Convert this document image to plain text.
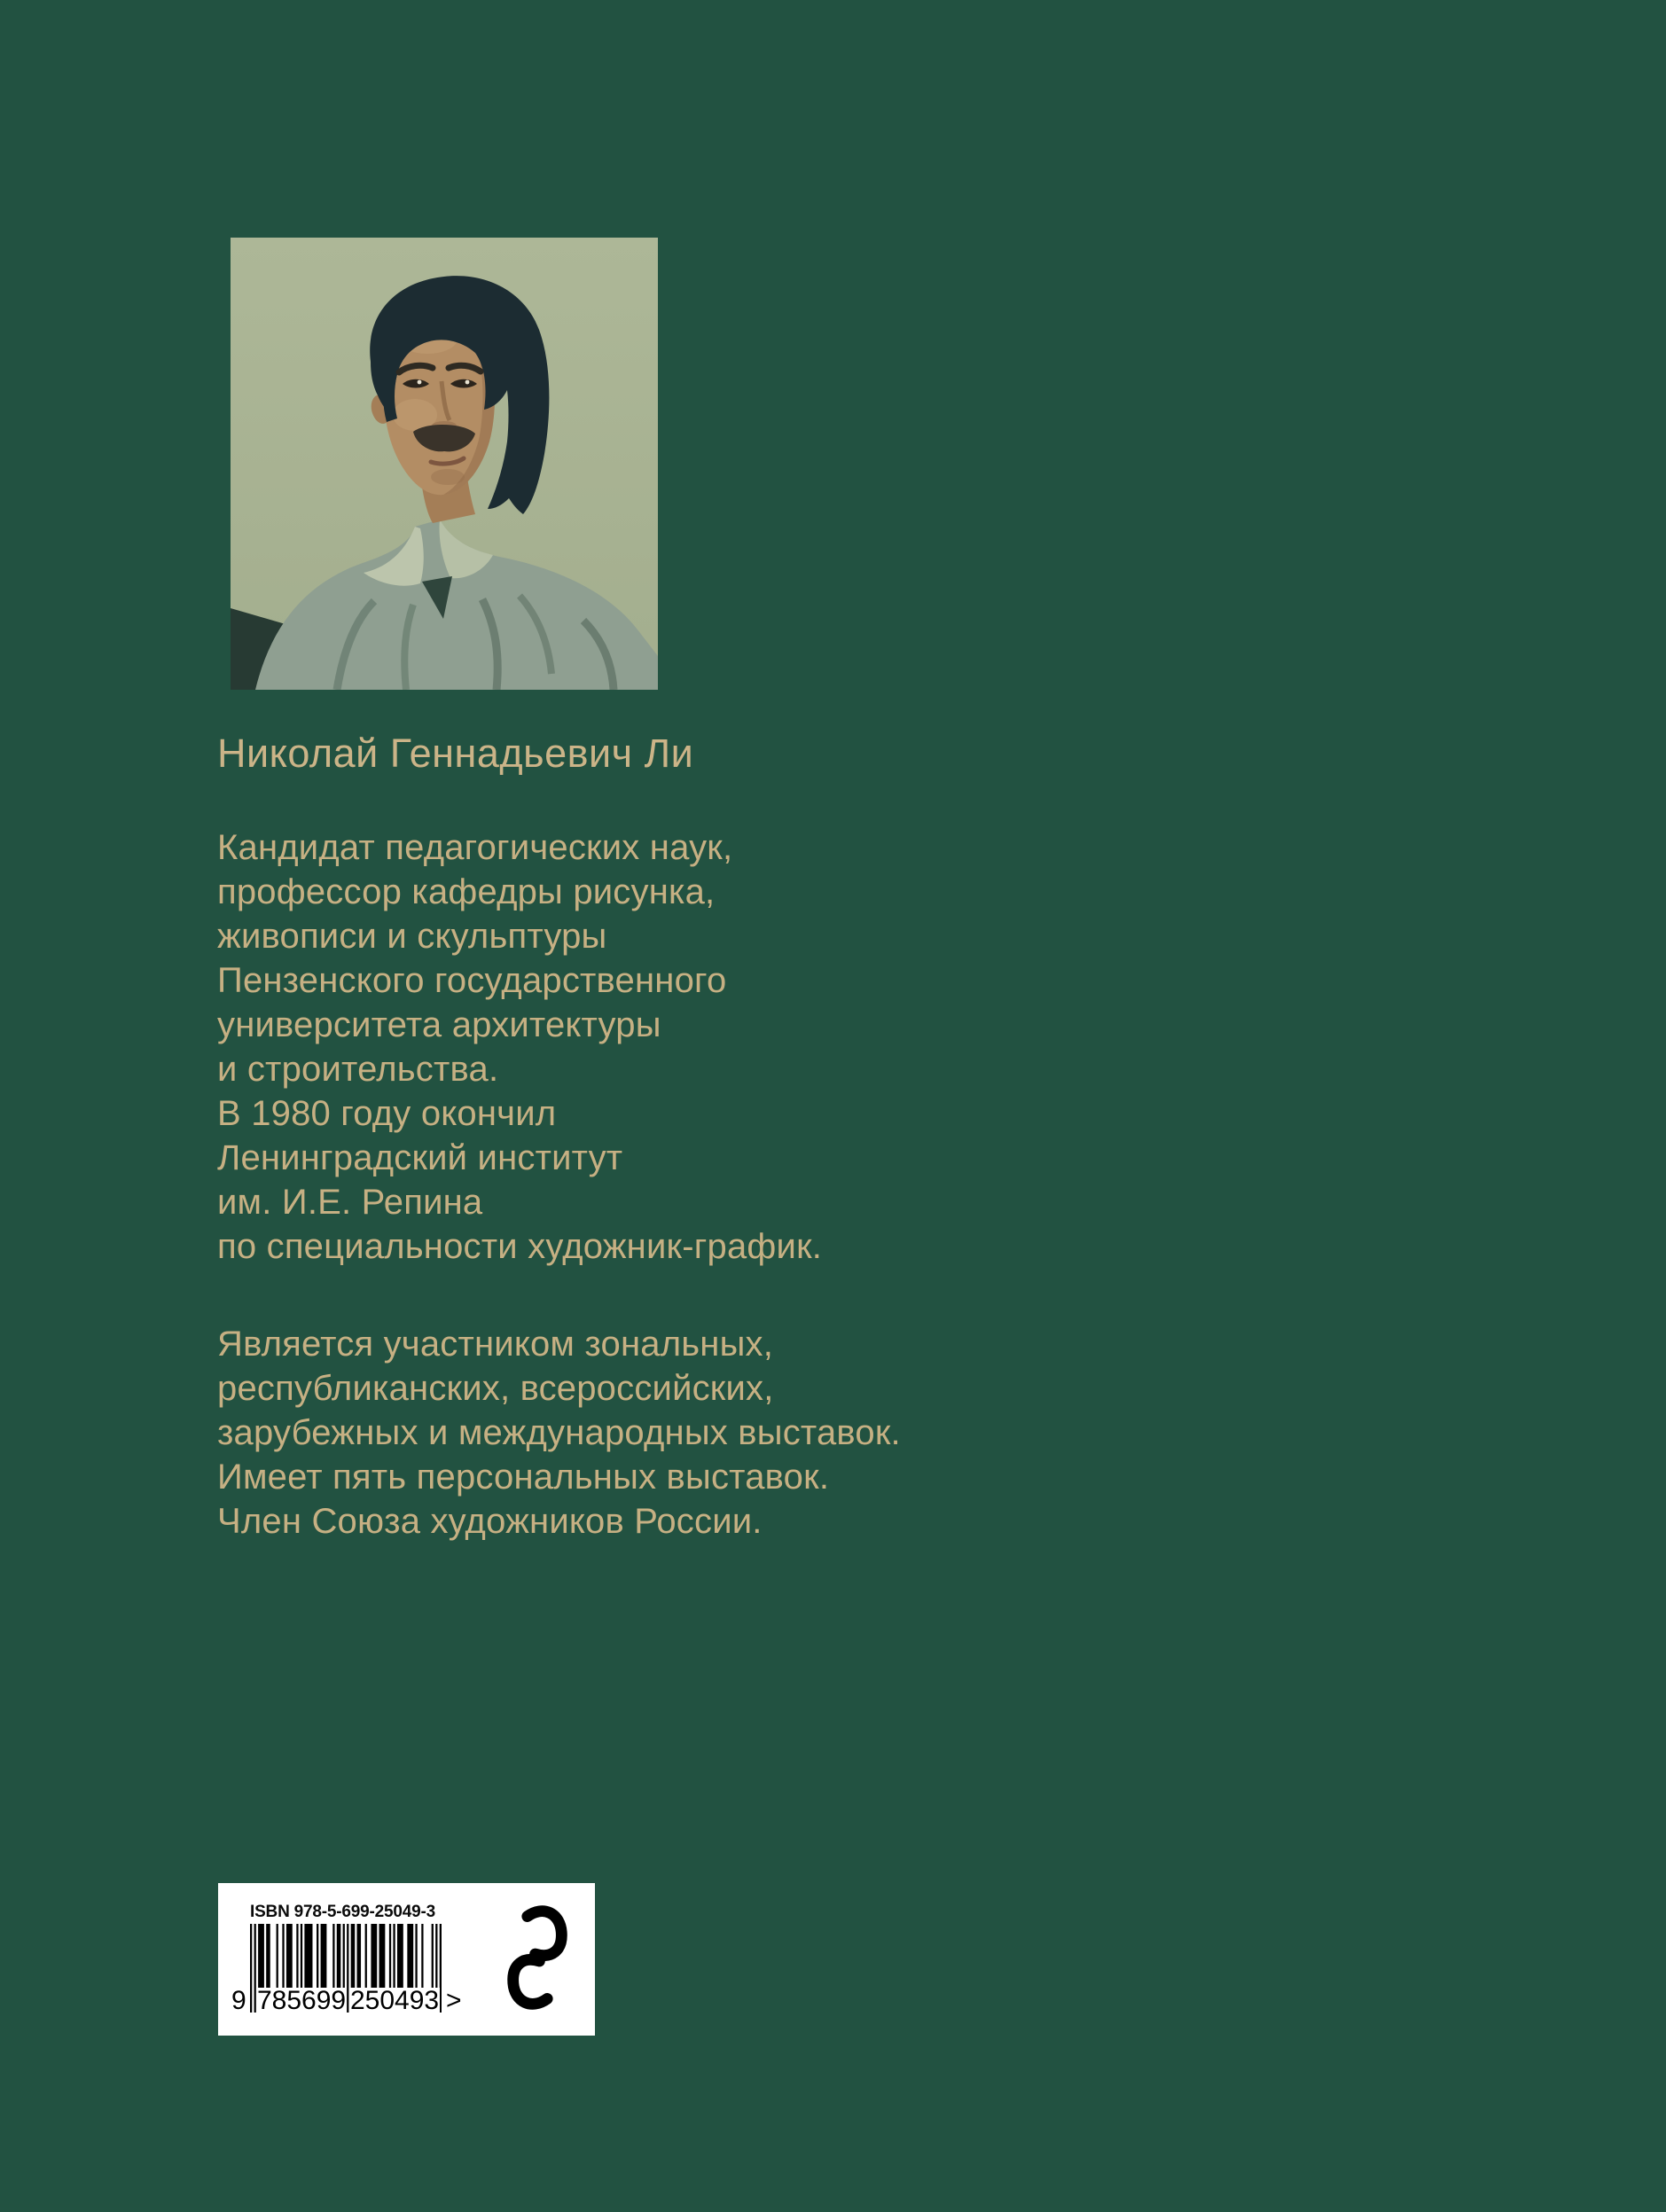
Николай Геннадьевич Ли
Кандидат педагогических наук,
профессор кафедры рисунка,
живописи и скульптуры
Пензенского государственного
университета архитектуры
и строительства.
В 1980 году окончил
Ленинградский институт
им. И.Е. Репина
по специальности художник-график.
Является участником зональных,
республиканских, всероссийских,
зарубежных и международных выставок.
Имеет пять персональных выставок.
Член Союза художников России.
ISBN 978-5-699-25049-3
9 785699 250493 >
